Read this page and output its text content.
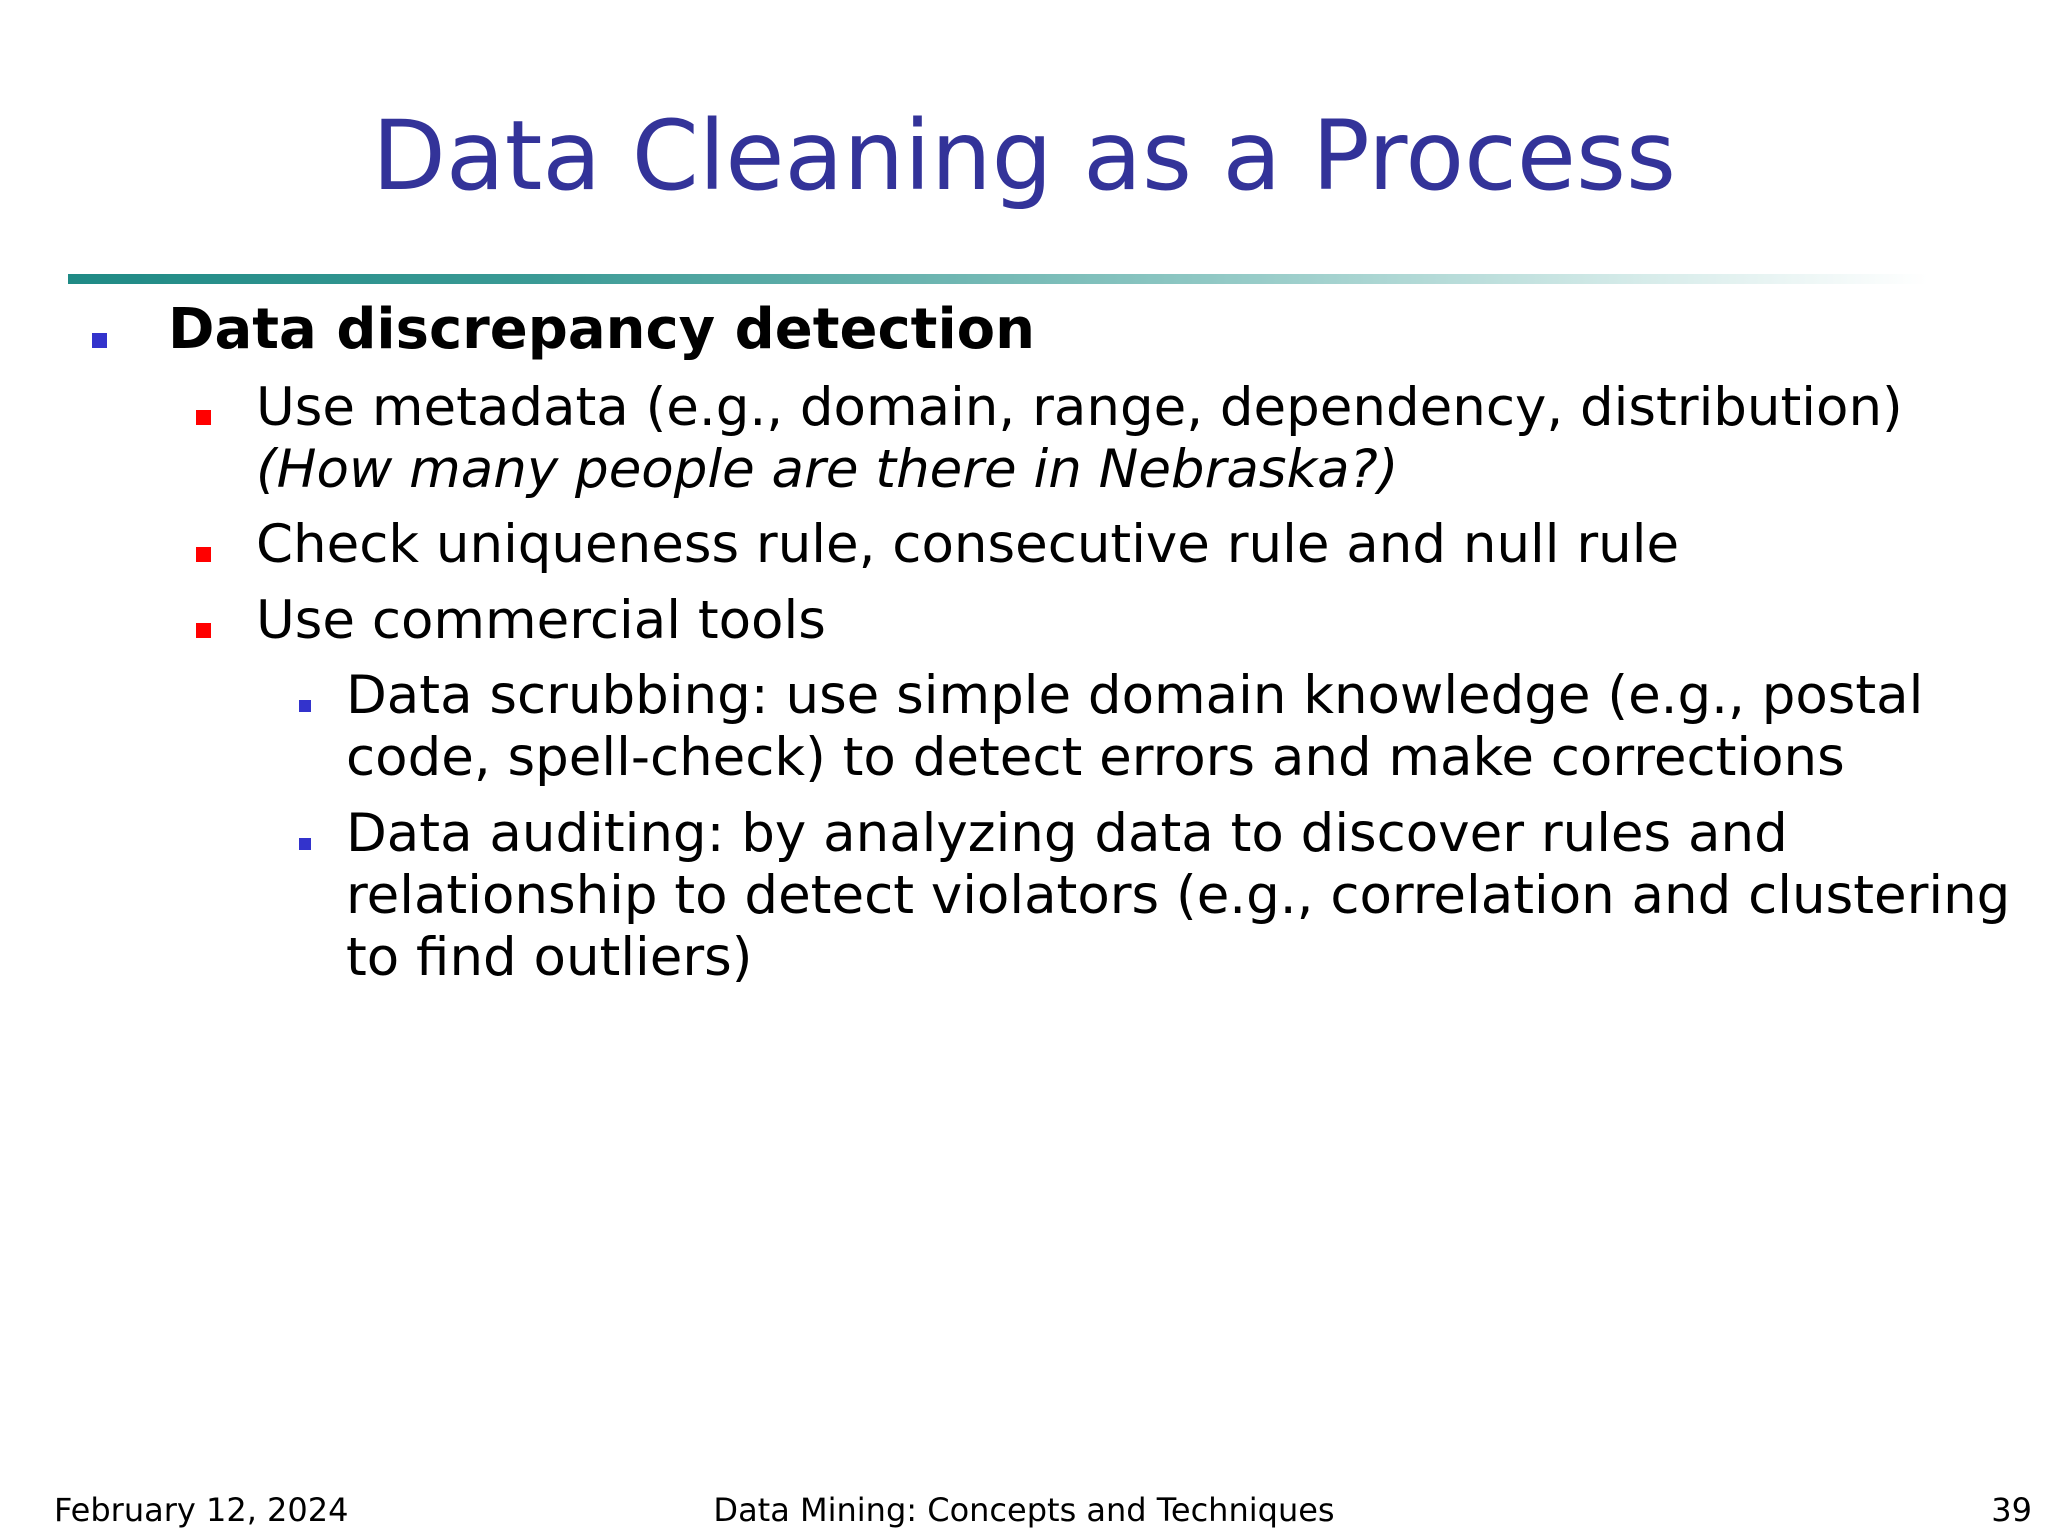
Data Cleaning as a Process
Data discrepancy detection
Use metadata (e.g., domain, range, dependency, distribution)
(How many people are there in Nebraska?)
Check uniqueness rule, consecutive rule and null rule
Use commercial tools
Data scrubbing: use simple domain knowledge (e.g., postal
code, spell-check) to detect errors and make corrections
Data auditing: by analyzing data to discover rules and
relationship to detect violators (e.g., correlation and clustering
to find outliers)
February 12, 2024	Data Mining: Concepts and Techniques	39
